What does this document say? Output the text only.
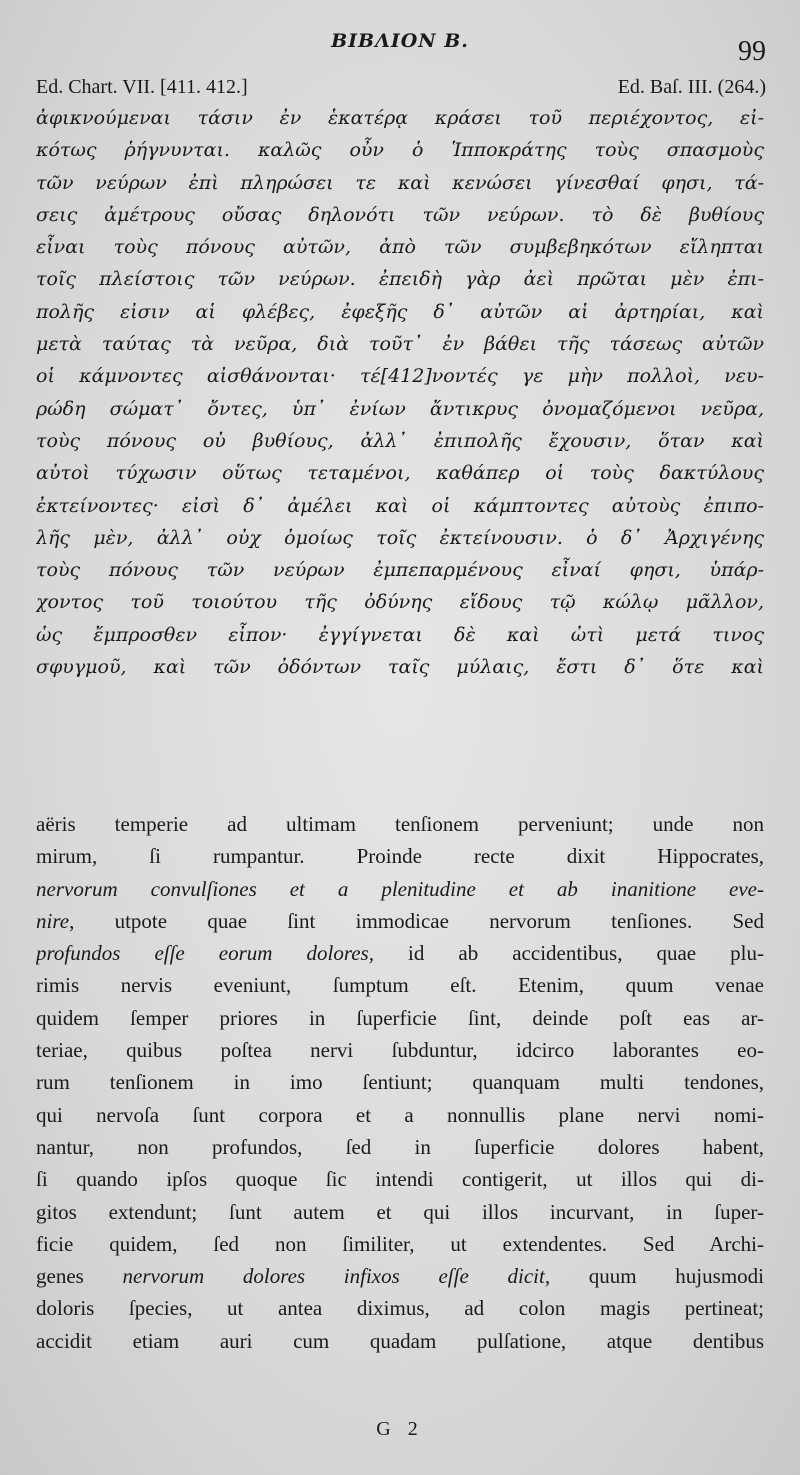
ΒΙΒΛΙΟΝ Β.	99
Ed. Chart. VII. [411. 412.]	Ed. Baſ. III. (264.)
ἀφικνούμεναι τάσιν ἐν ἑκατέρᾳ κράσει τοῦ περιέχοντος, εἰ-
κότως ῥήγνυνται. καλῶς οὖν ὁ Ἱπποκράτης τοὺς σπασμοὺς
τῶν νεύρων ἐπὶ πληρώσει τε καὶ κενώσει γίνεσθαί φησι, τά-
σεις ἀμέτρους οὔσας δηλονότι τῶν νεύρων. τὸ δὲ βυθίους
εἶναι τοὺς πόνους αὐτῶν, ἀπὸ τῶν συμβεβηκότων εἴληπται
τοῖς πλείστοις τῶν νεύρων. ἐπειδὴ γὰρ ἀεὶ πρῶται μὲν ἐπι-
πολῆς εἰσιν αἱ φλέβες, ἐφεξῆς δ᾽ αὐτῶν αἱ ἀρτηρίαι, καὶ
μετὰ ταύτας τὰ νεῦρα, διὰ τοῦτ᾽ ἐν βάθει τῆς τάσεως αὐτῶν
οἱ κάμνοντες αἰσθάνονται· τέ[412]νοντές γε μὴν πολλοὶ, νευ-
ρώδη σώματ᾽ ὄντες, ὑπ᾽ ἐνίων ἄντικρυς ὀνομαζόμενοι νεῦρα,
τοὺς πόνους οὐ βυθίους, ἀλλ᾽ ἐπιπολῆς ἔχουσιν, ὅταν καὶ
αὐτοὶ τύχωσιν οὕτως τεταμένοι, καθάπερ οἱ τοὺς δακτύλους
ἐκτείνοντες· εἰσὶ δ᾽ ἀμέλει καὶ οἱ κάμπτοντες αὐτοὺς ἐπιπο-
λῆς μὲν, ἀλλ᾽ οὐχ ὁμοίως τοῖς ἐκτείνουσιν. ὁ δ᾽ Ἀρχιγένης
τοὺς πόνους τῶν νεύρων ἐμπεπαρμένους εἶναί φησι, ὑπάρ-
χοντος τοῦ τοιούτου τῆς ὀδύνης εἴδους τῷ κώλῳ μᾶλλον,
ὡς ἔμπροσθεν εἶπον· ἐγγίγνεται δὲ καὶ ὠτὶ μετά τινος
σφυγμοῦ, καὶ τῶν ὀδόντων ταῖς μύλαις, ἔστι δ᾽ ὅτε καὶ
aëris temperie ad ultimam tenſionem perveniunt; unde non
mirum, ſi rumpantur. Proinde recte dixit Hippocrates,
nervorum convulſiones et a plenitudine et ab inanitione eve-
nire, utpote quae ſint immodicae nervorum tenſiones. Sed
profundos eſſe eorum dolores, id ab accidentibus, quae plu-
rimis nervis eveniunt, ſumptum eſt. Etenim, quum venae
quidem ſemper priores in ſuperficie ſint, deinde poſt eas ar-
teriae, quibus poſtea nervi ſubduntur, idcirco laborantes eo-
rum tenſionem in imo ſentiunt; quanquam multi tendones,
qui nervoſa ſunt corpora et a nonnullis plane nervi nomi-
nantur, non profundos, ſed in ſuperficie dolores habent,
ſi quando ipſos quoque ſic intendi contigerit, ut illos qui di-
gitos extendunt; ſunt autem et qui illos incurvant, in ſuper-
ficie quidem, ſed non ſimiliter, ut extendentes. Sed Archi-
genes nervorum dolores infixos eſſe dicit, quum hujusmodi
doloris ſpecies, ut antea diximus, ad colon magis pertineat;
accidit etiam auri cum quadam pulſatione, atque dentibus
G 2
